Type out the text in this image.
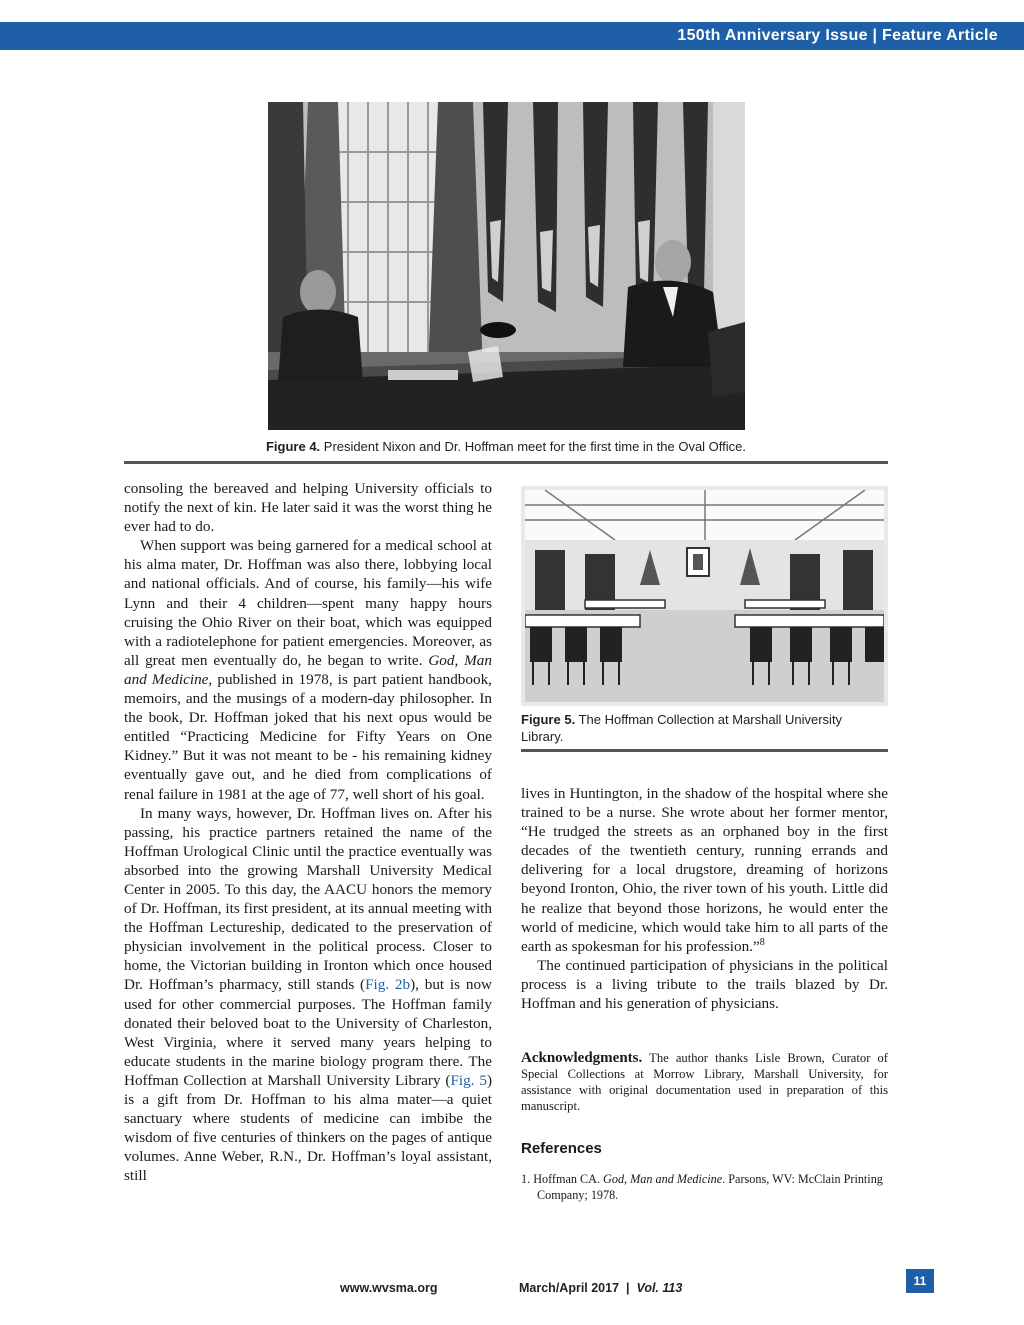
150th Anniversary Issue | Feature Article
Figure 4. President Nixon and Dr. Hoffman meet for the first time in the Oval Office.

consoling the bereaved and helping University officials to notify the next of kin. He later said it was the worst thing he ever had to do.

When support was being garnered for a medical school at his alma mater, Dr. Hoffman was also there, lobbying local and national officials. And of course, his family—his wife Lynn and their 4 children—spent many happy hours cruising the Ohio River on their boat, which was equipped with a radiotelephone for patient emergencies. Moreover, as all great men eventually do, he began to write. God, Man and Medicine, published in 1978, is part patient handbook, memoirs, and the musings of a modern-day philosopher. In the book, Dr. Hoffman joked that his next opus would be entitled “Practicing Medicine for Fifty Years on One Kidney.” But it was not meant to be - his remaining kidney eventually gave out, and he died from complications of renal failure in 1981 at the age of 77, well short of his goal.

In many ways, however, Dr. Hoffman lives on. After his passing, his practice partners retained the name of the Hoffman Urological Clinic until the practice eventually was absorbed into the growing Marshall University Medical Center in 2005. To this day, the AACU honors the memory of Dr. Hoffman, its first president, at its annual meeting with the Hoffman Lectureship, dedicated to the preservation of physician involvement in the political process. Closer to home, the Victorian building in Ironton which once housed Dr. Hoffman’s pharmacy, still stands (Fig. 2b), but is now used for other commercial purposes. The Hoffman family donated their beloved boat to the University of Charleston, West Virginia, where it served many years helping to educate students in the marine biology program there. The Hoffman Collection at Marshall University Library (Fig. 5) is a gift from Dr. Hoffman to his alma mater—a quiet sanctuary where students of medicine can imbibe the wisdom of five centuries of thinkers on the pages of antique volumes. Anne Weber, R.N., Dr. Hoffman’s loyal assistant, still

Figure 5. The Hoffman Collection at Marshall University Library.

lives in Huntington, in the shadow of the hospital where she trained to be a nurse. She wrote about her former mentor, “He trudged the streets as an orphaned boy in the first decades of the twentieth century, running errands and delivering for a local drugstore, dreaming of horizons beyond Ironton, Ohio, the river town of his youth. Little did he realize that beyond those horizons, he would enter the world of medicine, which would take him to all parts of the earth as spokesman for his profession.”$^8$

The continued participation of physicians in the political process is a living tribute to the trails blazed by Dr. Hoffman and his generation of physicians.

Acknowledgments. The author thanks Lisle Brown, Curator of Special Collections at Morrow Library, Marshall University, for assistance with original documentation used in preparation of this manuscript.
References
1. Hoffman CA. God, Man and Medicine. Parsons, WV: McClain Printing Company; 1978.
www.wvsma.org	March/April 2017 | Vol. 113	11
